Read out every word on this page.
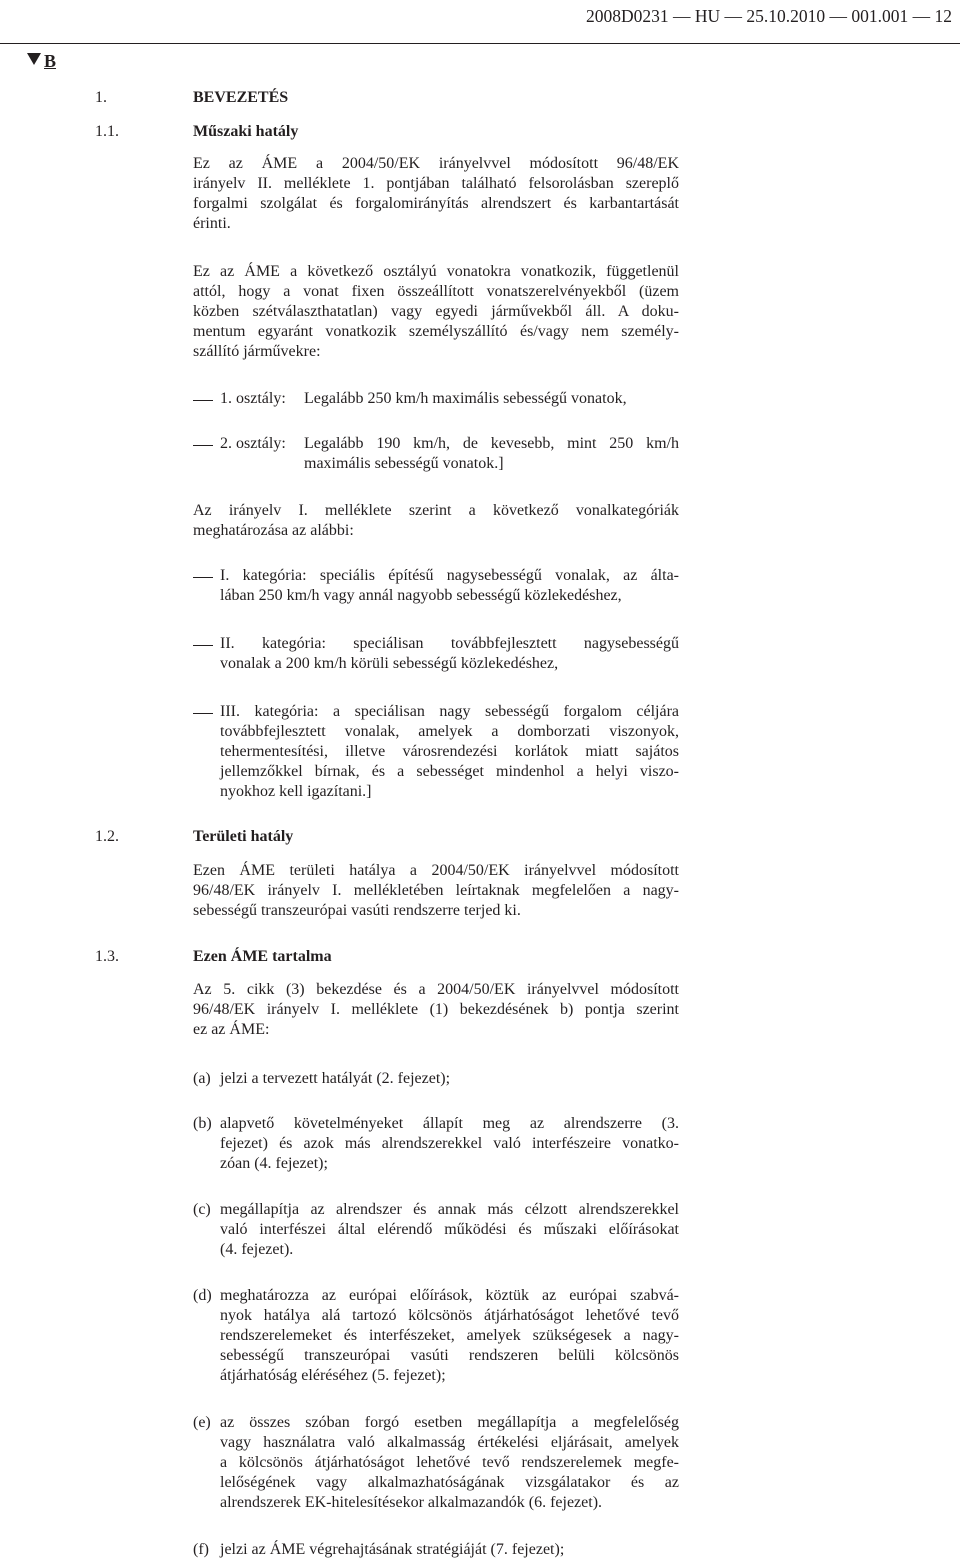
2008D0231 — HU — 25.10.2010 — 001.001 — 12
B
1.	BEVEZETÉS
1.1.	Műszaki hatály
Ez az ÁME a 2004/50/EK irányelvvel módosított 96/48/EK
irányelv II. melléklete 1. pontjában található felsorolásban szereplő
forgalmi szolgálat és forgalomirányítás alrendszert és karbantartását
érinti.
Ez az ÁME a következő osztályú vonatokra vonatkozik, függetlenül
attól, hogy a vonat fixen összeállított vonatszerelvényekből (üzem
közben szétválaszthatatlan) vagy egyedi járművekből áll. A doku-
mentum egyaránt vonatkozik személyszállító és/vagy nem személy-
szállító járművekre:
1. osztály: Legalább 250 km/h maximális sebességű vonatok,
2. osztály: Legalább 190 km/h, de kevesebb, mint 250 km/h
maximális sebességű vonatok.]
Az irányelv I. melléklete szerint a következő vonalkategóriák
meghatározása az alábbi:
I. kategória: speciális építésű nagysebességű vonalak, az álta-
lában 250 km/h vagy annál nagyobb sebességű közlekedéshez,
II. kategória: speciálisan továbbfejlesztett nagysebességű
vonalak a 200 km/h körüli sebességű közlekedéshez,
III. kategória: a speciálisan nagy sebességű forgalom céljára
továbbfejlesztett vonalak, amelyek a domborzati viszonyok,
tehermentesítési, illetve városrendezési korlátok miatt sajátos
jellemzőkkel bírnak, és a sebességet mindenhol a helyi viszo-
nyokhoz kell igazítani.]
1.2.	Területi hatály
Ezen ÁME területi hatálya a 2004/50/EK irányelvvel módosított
96/48/EK irányelv I. mellékletében leírtaknak megfelelően a nagy-
sebességű transzeurópai vasúti rendszerre terjed ki.
1.3.	Ezen ÁME tartalma
Az 5. cikk (3) bekezdése és a 2004/50/EK irányelvvel módosított
96/48/EK irányelv I. melléklete (1) bekezdésének b) pontja szerint
ez az ÁME:
(a) jelzi a tervezett hatályát (2. fejezet);
(b) alapvető követelményeket állapít meg az alrendszerre (3.
fejezet) és azok más alrendszerekkel való interfészeire vonatko-
zóan (4. fejezet);
(c) megállapítja az alrendszer és annak más célzott alrendszerekkel
való interfészei által elérendő működési és műszaki előírásokat
(4. fejezet).
(d) meghatározza az európai előírások, köztük az európai szabvá-
nyok hatálya alá tartozó kölcsönös átjárhatóságot lehetővé tevő
rendszerelemeket és interfészeket, amelyek szükségesek a nagy-
sebességű transzeurópai vasúti rendszeren belüli kölcsönös
átjárhatóság eléréséhez (5. fejezet);
(e) az összes szóban forgó esetben megállapítja a megfelelőség
vagy használatra való alkalmasság értékelési eljárásait, amelyek
a kölcsönös átjárhatóságot lehetővé tevő rendszerelemek megfe-
lelőségének vagy alkalmazhatóságának vizsgálatakor és az
alrendszerek EK-hitelesítésekor alkalmazandók (6. fejezet).
(f) jelzi az ÁME végrehajtásának stratégiáját (7. fejezet);
